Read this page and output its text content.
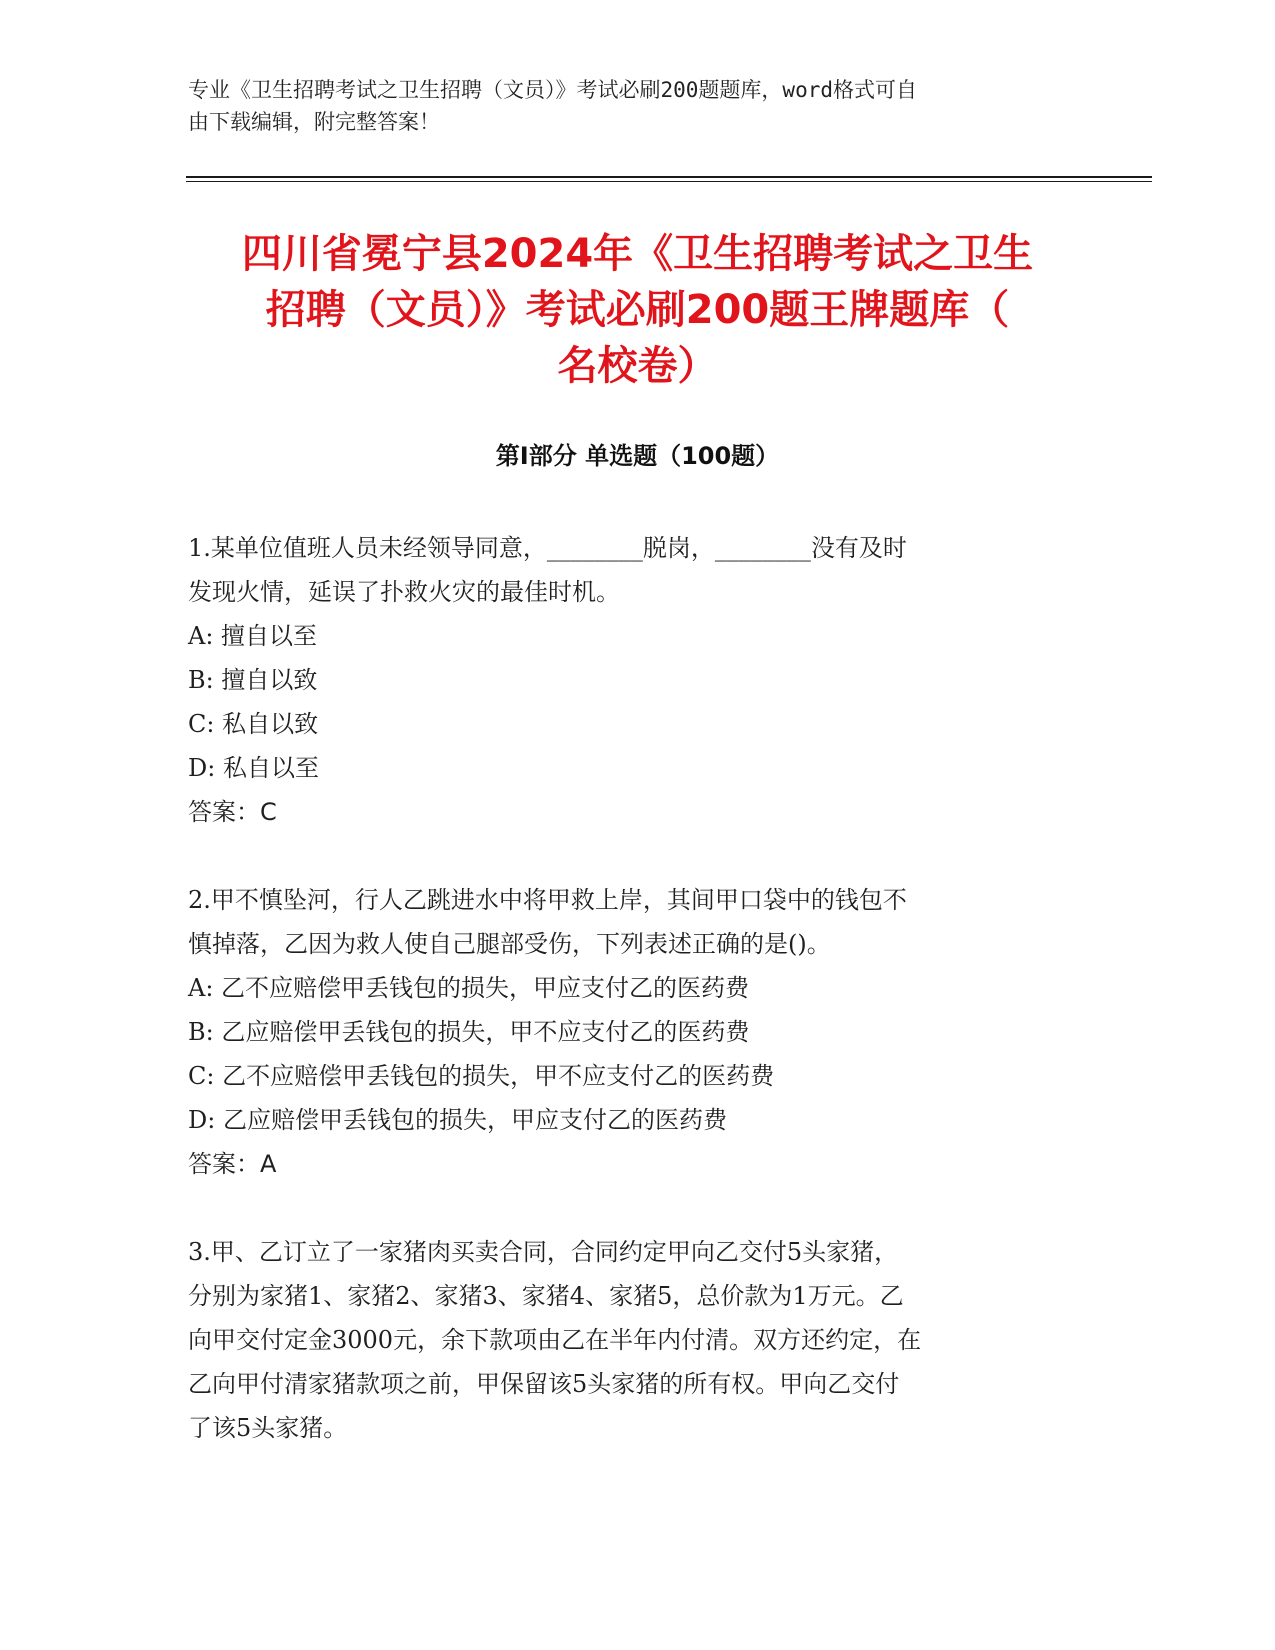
专业《卫生招聘考试之卫生招聘（文员）》考试必刷200题题库，word格式可自

由下载编辑，附完整答案！

四川省冕宁县2024年《卫生招聘考试之卫生

招聘（文员）》考试必刷200题王牌题库（

名校卷）

第Ⅰ部分 单选题（100题）

1.某单位值班人员未经领导同意，________脱岗，________没有及时

发现火情，延误了扑救火灾的最佳时机。

A: 擅自以至

B: 擅自以致

C: 私自以致

D: 私自以至

答案：C

2.甲不慎坠河，行人乙跳进水中将甲救上岸，其间甲口袋中的钱包不

慎掉落，乙因为救人使自己腿部受伤，下列表述正确的是()。

A: 乙不应赔偿甲丢钱包的损失，甲应支付乙的医药费

B: 乙应赔偿甲丢钱包的损失，甲不应支付乙的医药费

C: 乙不应赔偿甲丢钱包的损失，甲不应支付乙的医药费

D: 乙应赔偿甲丢钱包的损失，甲应支付乙的医药费

答案：A

3.甲、乙订立了一家猪肉买卖合同，合同约定甲向乙交付5头家猪，

分别为家猪1、家猪2、家猪3、家猪4、家猪5，总价款为1万元。乙

向甲交付定金3000元，余下款项由乙在半年内付清。双方还约定，在

乙向甲付清家猪款项之前，甲保留该5头家猪的所有权。甲向乙交付

了该5头家猪。
